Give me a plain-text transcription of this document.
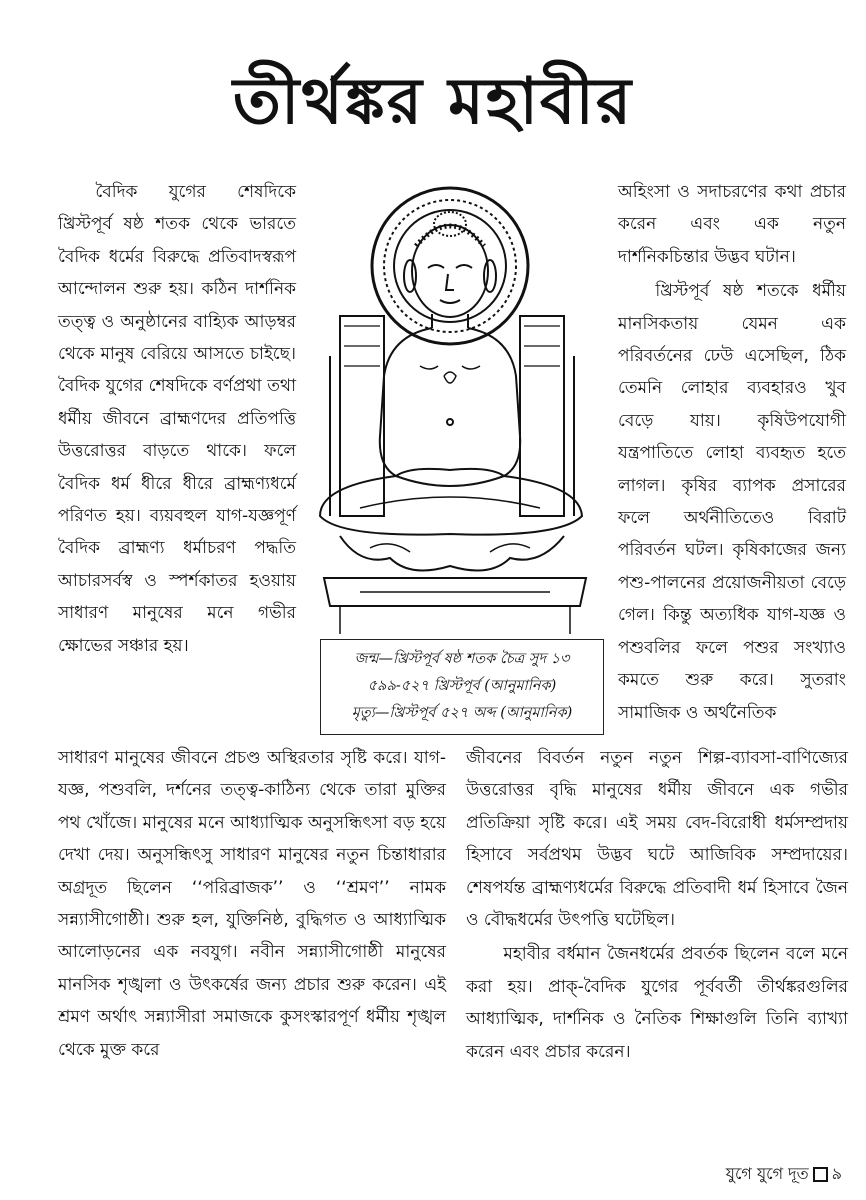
তীর্থঙ্কর মহাবীর

বৈদিক যুগের শেষদিকে খ্রিস্টপূর্ব ষষ্ঠ শতক থেকে ভারতে বৈদিক ধর্মের বিরুদ্ধে প্রতিবাদস্বরূপ আন্দোলন শুরু হয়। কঠিন দার্শনিক তত্ত্ব ও অনুষ্ঠানের বাহ্যিক আড়ম্বর থেকে মানুষ বেরিয়ে আসতে চাইছে। বৈদিক যুগের শেষদিকে বর্ণপ্রথা তথা ধর্মীয় জীবনে ব্রাহ্মণদের প্রতিপত্তি উত্তরোত্তর বাড়তে থাকে। ফলে বৈদিক ধর্ম ধীরে ধীরে ব্রাহ্মণ্যধর্মে পরিণত হয়। ব্যয়বহুল যাগ-যজ্ঞপূর্ণ বৈদিক ব্রাহ্মণ্য ধর্মাচরণ পদ্ধতি আচারসর্বস্ব ও স্পর্শকাতর হওয়ায় সাধারণ মানুষের মনে গভীর ক্ষোভের সঞ্চার হয়।

অহিংসা ও সদাচরণের কথা প্রচার করেন এবং এক নতুন দার্শনিকচিন্তার উদ্ভব ঘটান।

খ্রিস্টপূর্ব ষষ্ঠ শতকে ধর্মীয় মানসিকতায় যেমন এক পরিবর্তনের ঢেউ এসেছিল, ঠিক তেমনি লোহার ব্যবহারও খুব বেড়ে যায়। কৃষিউপযোগী যন্ত্রপাতিতে লোহা ব্যবহৃত হতে লাগল। কৃষির ব্যাপক প্রসারের ফলে অর্থনীতিতেও বিরাট পরিবর্তন ঘটল। কৃষিকাজের জন্য পশু-পালনের প্রয়োজনীয়তা বেড়ে গেল। কিন্তু অত্যধিক যাগ-যজ্ঞ ও পশুবলির ফলে পশুর সংখ্যাও কমতে শুরু করে। সুতরাং সামাজিক ও অর্থনৈতিক

জন্ম—খ্রিস্টপূর্ব ষষ্ঠ শতক চৈত্র সুদ ১৩
৫৯৯-৫২৭ খ্রিস্টপূর্ব (আনুমানিক)
মৃত্যু—খ্রিস্টপূর্ব ৫২৭ অব্দ (আনুমানিক)

সাধারণ মানুষের জীবনে প্রচণ্ড অস্থিরতার সৃষ্টি করে। যাগ-যজ্ঞ, পশুবলি, দর্শনের তত্ত্ব-কাঠিন্য থেকে তারা মুক্তির পথ খোঁজে। মানুষের মনে আধ্যাত্মিক অনুসন্ধিৎসা বড় হয়ে দেখা দেয়। অনুসন্ধিৎসু সাধারণ মানুষের নতুন চিন্তাধারার অগ্রদূত ছিলেন ‘‘পরিব্রাজক’’ ও ‘‘শ্রমণ’’ নামক সন্ন্যাসীগোষ্ঠী। শুরু হল, যুক্তিনিষ্ঠ, বুদ্ধিগত ও আধ্যাত্মিক আলোড়নের এক নবযুগ। নবীন সন্ন্যাসীগোষ্ঠী মানুষের মানসিক শৃঙ্খলা ও উৎকর্ষের জন্য প্রচার শুরু করেন। এই শ্রমণ অর্থাৎ সন্ন্যাসীরা সমাজকে কুসংস্কারপূর্ণ ধর্মীয় শৃঙ্খল থেকে মুক্ত করে

জীবনের বিবর্তন নতুন নতুন শিল্প-ব্যাবসা-বাণিজ্যের উত্তরোত্তর বৃদ্ধি মানুষের ধর্মীয় জীবনে এক গভীর প্রতিক্রিয়া সৃষ্টি করে। এই সময় বেদ-বিরোধী ধর্মসম্প্রদায় হিসাবে সর্বপ্রথম উদ্ভব ঘটে আজিবিক সম্প্রদায়ের। শেষপর্যন্ত ব্রাহ্মণ্যধর্মের বিরুদ্ধে প্রতিবাদী ধর্ম হিসাবে জৈন ও বৌদ্ধধর্মের উৎপত্তি ঘটেছিল।

মহাবীর বর্ধমান জৈনধর্মের প্রবর্তক ছিলেন বলে মনে করা হয়। প্রাক্-বৈদিক যুগের পূর্ববর্তী তীর্থঙ্করগুলির আধ্যাত্মিক, দার্শনিক ও নৈতিক শিক্ষাগুলি তিনি ব্যাখ্যা করেন এবং প্রচার করেন।

যুগে যুগে দূত ৯
